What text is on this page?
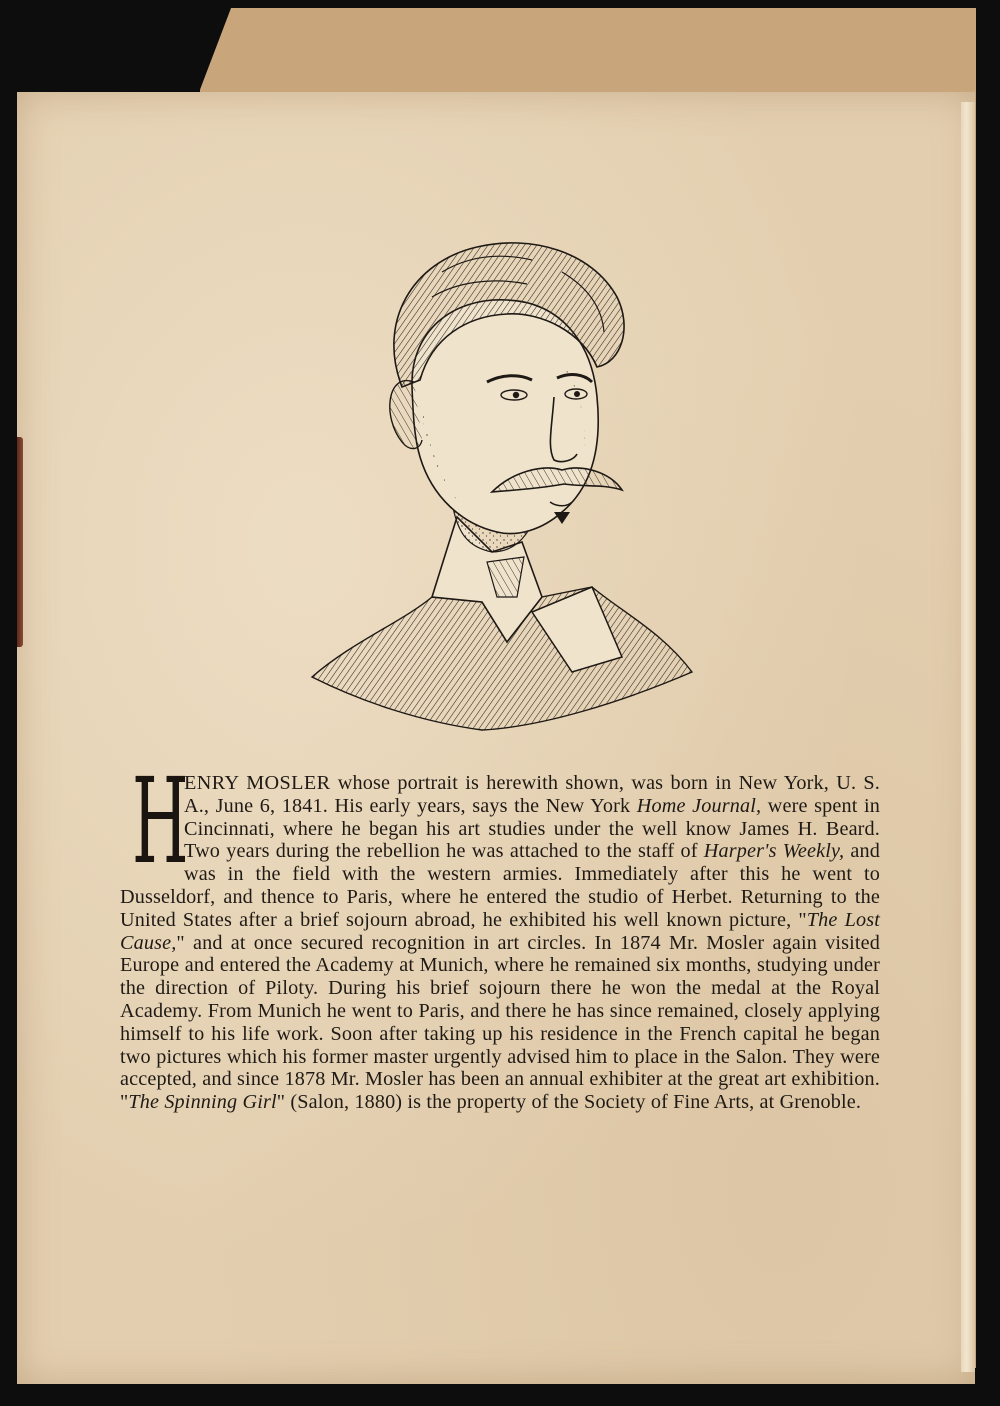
H
ENRY MOSLER whose portrait is herewith shown, was born in New York, U. S. A., June 6, 1841. His early years, says the New York Home Journal, were spent in Cincinnati, where he began his art studies under the well know James H. Beard. Two years during the rebellion he was attached to the staff of Harper's Weekly, and was in the field with the western armies. Immediately after this he went to Dusseldorf, and thence to Paris, where he entered the studio of Herbet. Returning to the United States after a brief sojourn abroad, he exhibited his well known picture, "The Lost Cause," and at once secured recognition in art circles. In 1874 Mr. Mosler again visited Europe and entered the Academy at Munich, where he remained six months, studying under the direction of Piloty. During his brief sojourn there he won the medal at the Royal Academy. From Munich he went to Paris, and there he has since remained, closely applying himself to his life work. Soon after taking up his residence in the French capital he began two pictures which his former master urgently advised him to place in the Salon. They were accepted, and since 1878 Mr. Mosler has been an annual exhibiter at the great art exhibition. "The Spinning Girl" (Salon, 1880) is the property of the Society of Fine Arts, at Grenoble.
